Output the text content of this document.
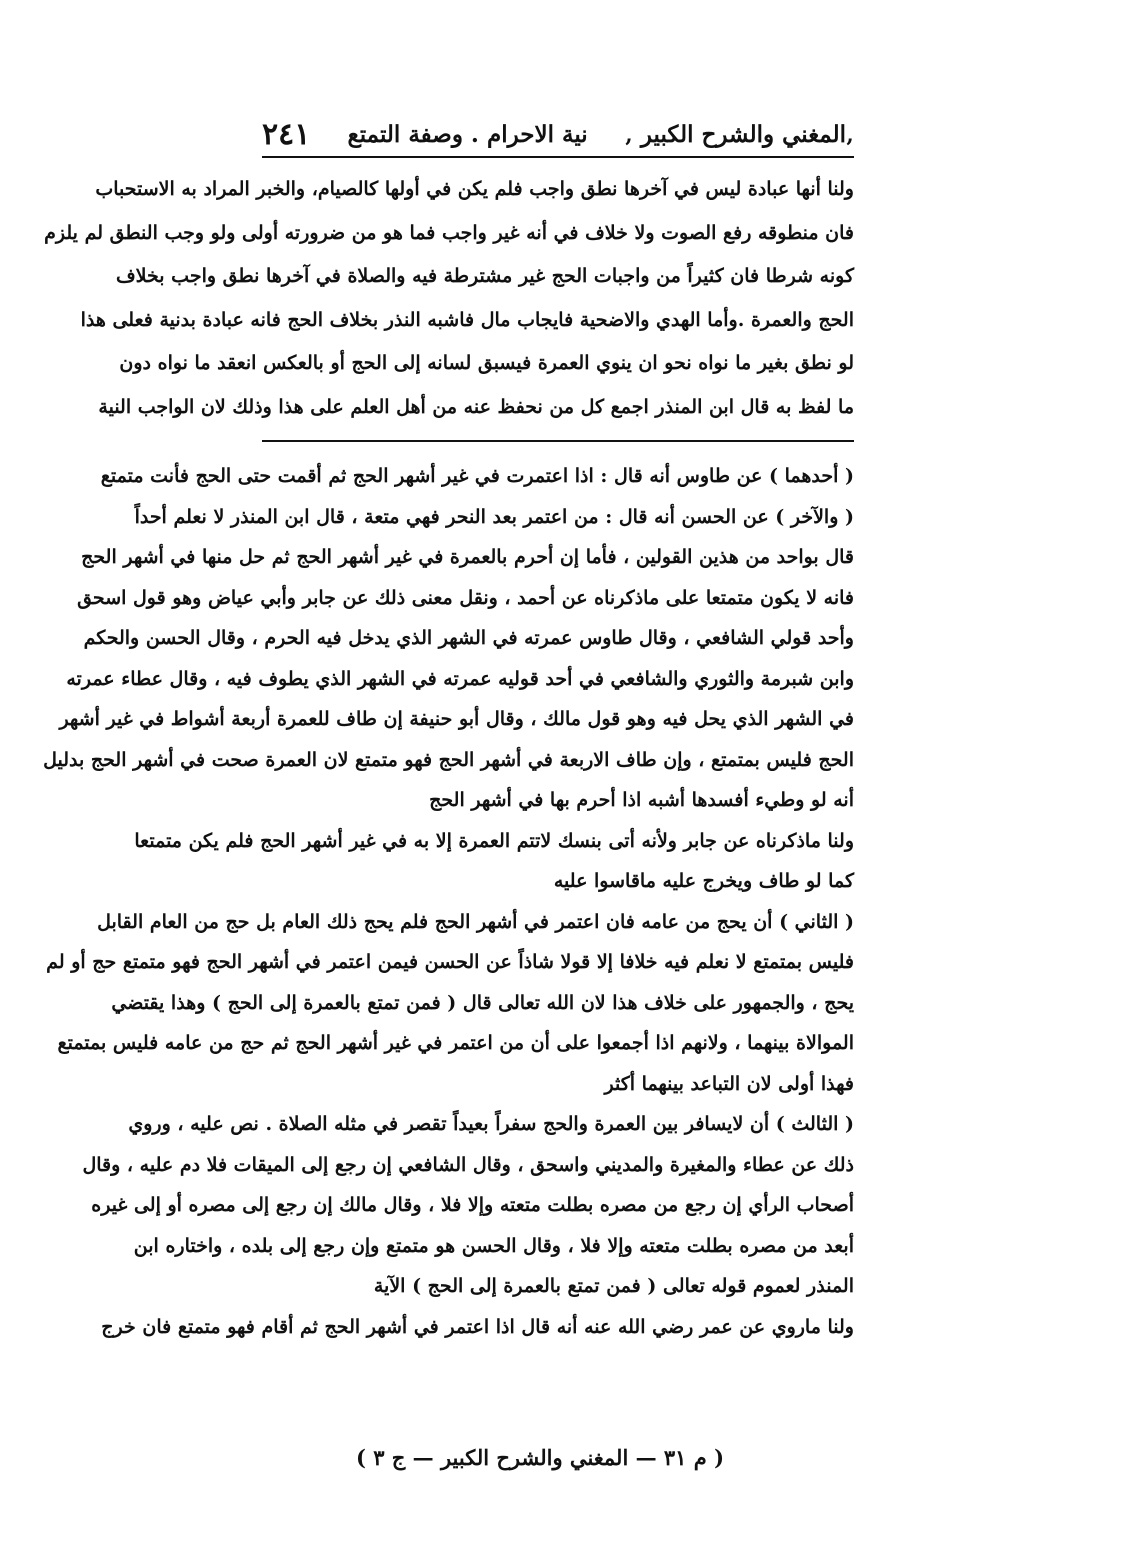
‚المغني والشرح الكبير ‚
نية الاحرام . وصفة التمتع
٢٤١
ولنا أنها عبادة ليس في آخرها نطق واجب فلم يكن في أولها كالصيام، والخبر المراد به الاستحباب
فان منطوقه رفع الصوت ولا خلاف في أنه غير واجب فما هو من ضرورته أولى ولو وجب النطق لم يلزم
كونه شرطا فان كثيراً من واجبات الحج غير مشترطة فيه والصلاة في آخرها نطق واجب بخلاف
الحج والعمرة .وأما الهدي والاضحية فايجاب مال فاشبه النذر بخلاف الحج فانه عبادة بدنية فعلى هذا
لو نطق بغير ما نواه نحو ان ينوي العمرة فيسبق لسانه إلى الحج أو بالعكس انعقد ما نواه دون
ما لفظ به قال ابن المنذر اجمع كل من نحفظ عنه من أهل العلم على هذا وذلك لان الواجب النية
( أحدهما ) عن طاوس أنه قال : اذا اعتمرت في غير أشهر الحج ثم أقمت حتى الحج فأنت متمتع
( والآخر ) عن الحسن أنه قال : من اعتمر بعد النحر فهي متعة ، قال ابن المنذر لا نعلم أحداً
قال بواحد من هذين القولين ، فأما إن أحرم بالعمرة في غير أشهر الحج ثم حل منها في أشهر الحج
فانه لا يكون متمتعا على ماذكرناه عن أحمد ، ونقل معنى ذلك عن جابر وأبي عياض وهو قول اسحق
وأحد قولي الشافعي ، وقال طاوس عمرته في الشهر الذي يدخل فيه الحرم ، وقال الحسن والحكم
وابن شبرمة والثوري والشافعي في أحد قوليه عمرته في الشهر الذي يطوف فيه ، وقال عطاء عمرته
في الشهر الذي يحل فيه وهو قول مالك ، وقال أبو حنيفة إن طاف للعمرة أربعة أشواط في غير أشهر
الحج فليس بمتمتع ، وإن طاف الاربعة في أشهر الحج فهو متمتع لان العمرة صحت في أشهر الحج بدليل
أنه لو وطيء أفسدها أشبه اذا أحرم بها في أشهر الحج
ولنا ماذكرناه عن جابر ولأنه أتى بنسك لاتتم العمرة إلا به في غير أشهر الحج فلم يكن متمتعا
كما لو طاف ويخرج عليه ماقاسوا عليه
( الثاني ) أن يحج من عامه فان اعتمر في أشهر الحج فلم يحج ذلك العام بل حج من العام القابل
فليس بمتمتع لا نعلم فيه خلافا إلا قولا شاذاً عن الحسن فيمن اعتمر في أشهر الحج فهو متمتع حج أو لم
يحج ، والجمهور على خلاف هذا لان الله تعالى قال ( فمن تمتع بالعمرة إلى الحج ) وهذا يقتضي
الموالاة بينهما ، ولانهم اذا أجمعوا على أن من اعتمر في غير أشهر الحج ثم حج من عامه فليس بمتمتع
فهذا أولى لان التباعد بينهما أكثر
( الثالث ) أن لايسافر بين العمرة والحج سفراً بعيداً تقصر في مثله الصلاة . نص عليه ، وروي
ذلك عن عطاء والمغيرة والمديني واسحق ، وقال الشافعي إن رجع إلى الميقات فلا دم عليه ، وقال
أصحاب الرأي إن رجع من مصره بطلت متعته وإلا فلا ، وقال مالك إن رجع إلى مصره أو إلى غيره
أبعد من مصره بطلت متعته وإلا فلا ، وقال الحسن هو متمتع وإن رجع إلى بلده ، واختاره ابن
المنذر لعموم قوله تعالى ( فمن تمتع بالعمرة إلى الحج ) الآية
ولنا ماروي عن عمر رضي الله عنه أنه قال اذا اعتمر في أشهر الحج ثم أقام فهو متمتع فان خرج
( م ٣١ — المغني والشرح الكبير — ج ٣ )
